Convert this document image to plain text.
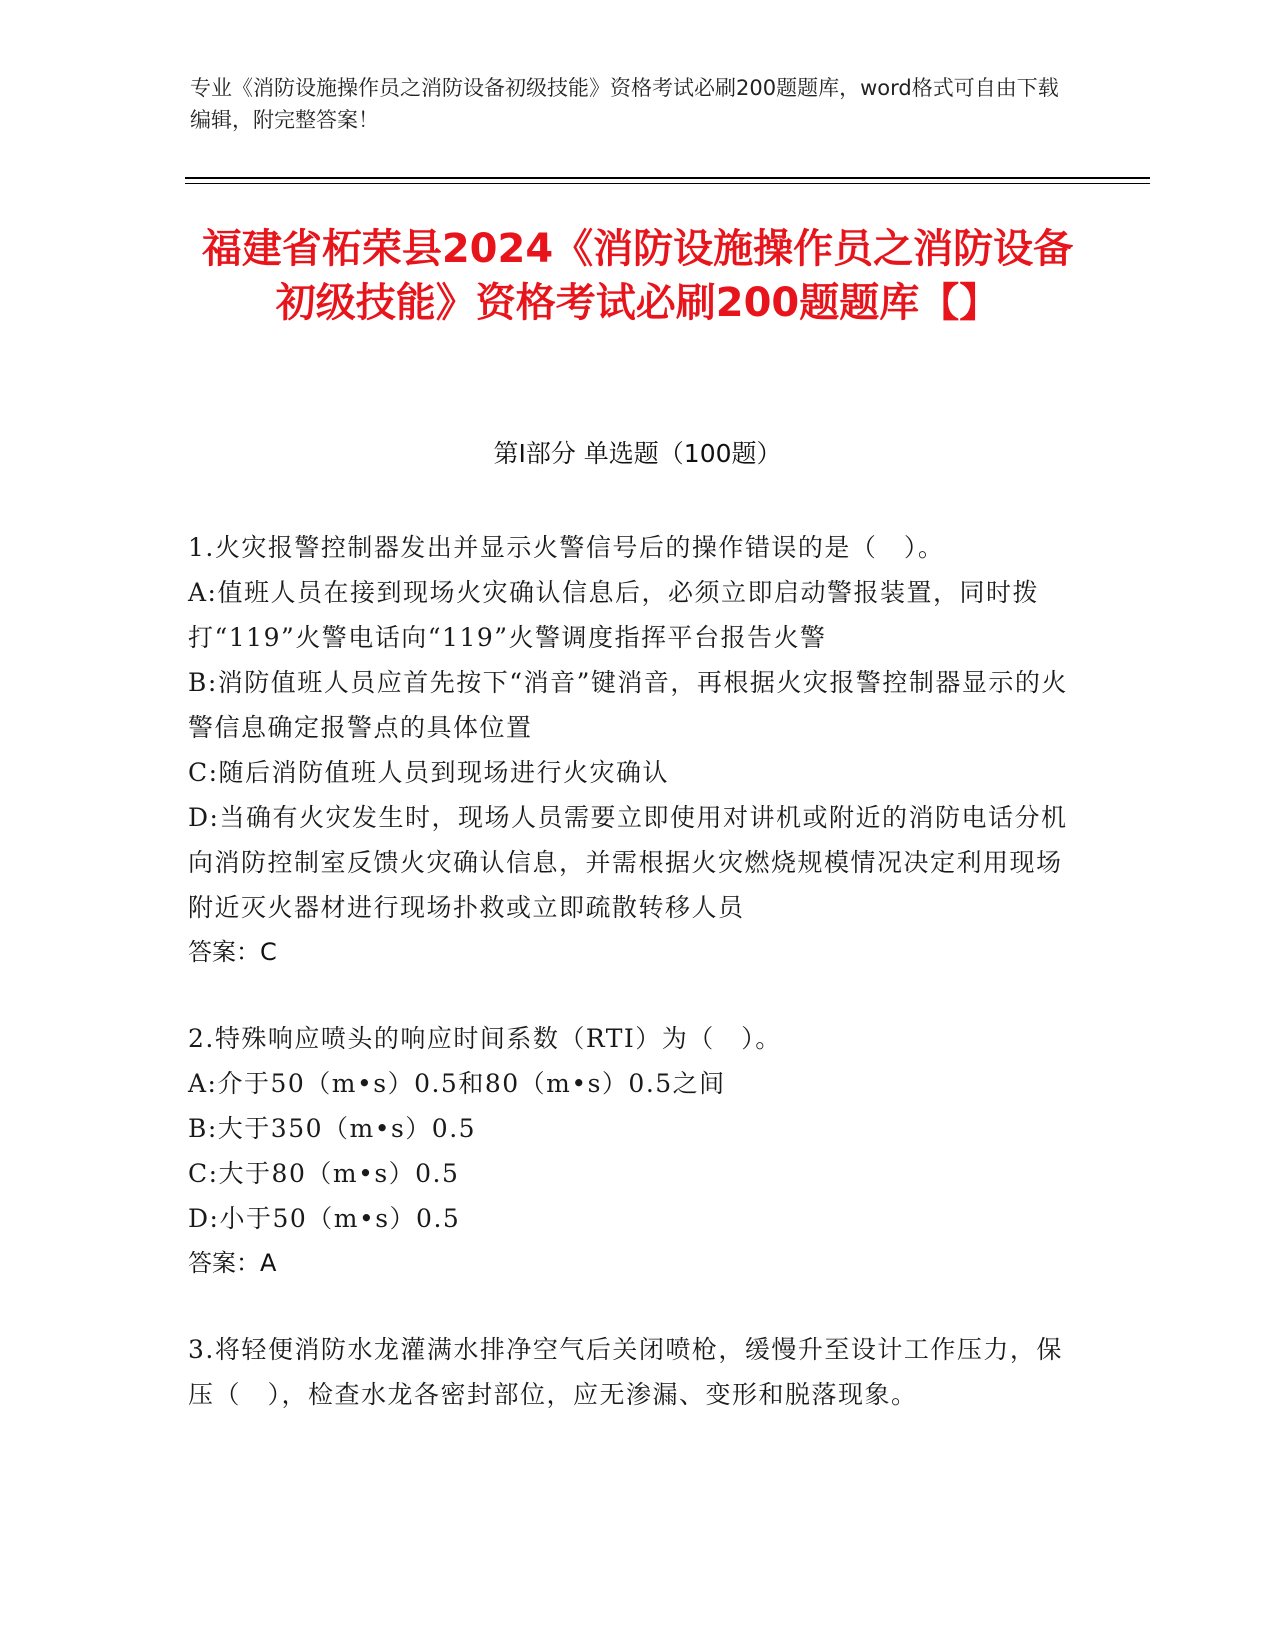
专业《消防设施操作员之消防设备初级技能》资格考试必刷200题题库，word格式可自由下载编辑，附完整答案！
福建省柘荣县2024《消防设施操作员之消防设备初级技能》资格考试必刷200题题库【】
第Ⅰ部分 单选题（100题）

1.火灾报警控制器发出并显示火警信号后的操作错误的是（　）。

A:值班人员在接到现场火灾确认信息后，必须立即启动警报装置，同时拨打“119”火警电话向“119”火警调度指挥平台报告火警

B:消防值班人员应首先按下“消音”键消音，再根据火灾报警控制器显示的火警信息确定报警点的具体位置

C:随后消防值班人员到现场进行火灾确认

D:当确有火灾发生时，现场人员需要立即使用对讲机或附近的消防电话分机向消防控制室反馈火灾确认信息，并需根据火灾燃烧规模情况决定利用现场附近灭火器材进行现场扑救或立即疏散转移人员

答案：C

2.特殊响应喷头的响应时间系数（RTI）为（　）。

A:介于50（m•s）0.5和80（m•s）0.5之间

B:大于350（m•s）0.5

C:大于80（m•s）0.5

D:小于50（m•s）0.5

答案：A

3.将轻便消防水龙灌满水排净空气后关闭喷枪，缓慢升至设计工作压力，保压（　），检查水龙各密封部位，应无渗漏、变形和脱落现象。
